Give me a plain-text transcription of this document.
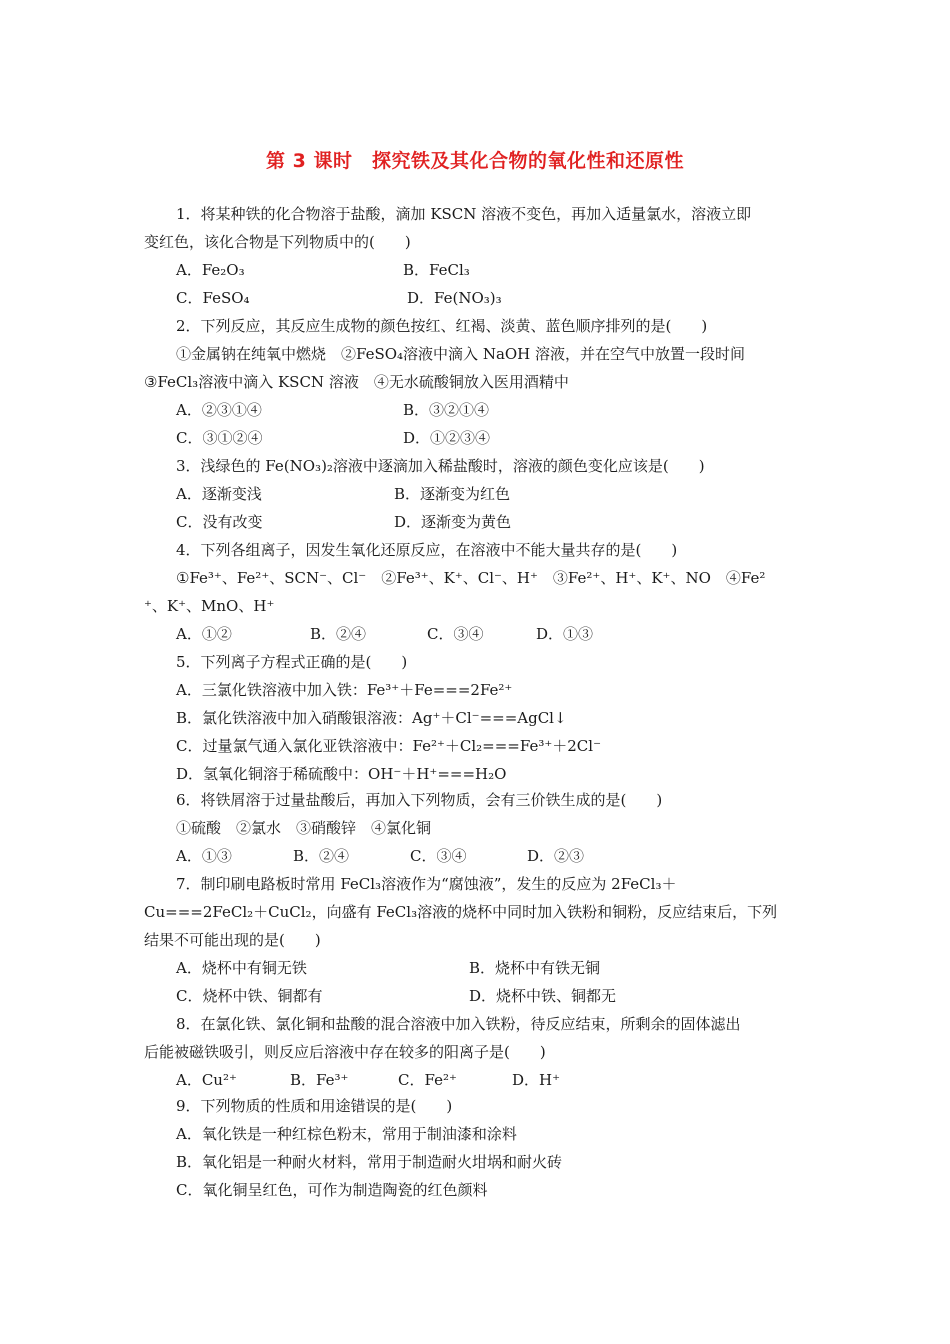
第 3 课时　探究铁及其化合物的氧化性和还原性
1．将某种铁的化合物溶于盐酸，滴加 KSCN 溶液不变色，再加入适量氯水，溶液立即
变红色，该化合物是下列物质中的(　　)
A．Fe₂O₃	B．FeCl₃
C．FeSO₄	D．Fe(NO₃)₃
2．下列反应，其反应生成物的颜色按红、红褐、淡黄、蓝色顺序排列的是(　　)
①金属钠在纯氧中燃烧　②FeSO₄溶液中滴入 NaOH 溶液，并在空气中放置一段时间
③FeCl₃溶液中滴入 KSCN 溶液　④无水硫酸铜放入医用酒精中
A．②③①④	B．③②①④
C．③①②④	D．①②③④
3．浅绿色的 Fe(NO₃)₂溶液中逐滴加入稀盐酸时，溶液的颜色变化应该是(　　)
A．逐渐变浅	B．逐渐变为红色
C．没有改变	D．逐渐变为黄色
4．下列各组离子，因发生氧化还原反应，在溶液中不能大量共存的是(　　)
①Fe³⁺、Fe²⁺、SCN⁻、Cl⁻　②Fe³⁺、K⁺、Cl⁻、H⁺　③Fe²⁺、H⁺、K⁺、NO　④Fe²
⁺、K⁺、MnO、H⁺
A．①②	B．②④	C．③④	D．①③
5．下列离子方程式正确的是(　　)
A．三氯化铁溶液中加入铁：Fe³⁺＋Fe===2Fe²⁺
B．氯化铁溶液中加入硝酸银溶液：Ag⁺＋Cl⁻===AgCl↓
C．过量氯气通入氯化亚铁溶液中：Fe²⁺＋Cl₂===Fe³⁺＋2Cl⁻
D．氢氧化铜溶于稀硫酸中：OH⁻＋H⁺===H₂O
6．将铁屑溶于过量盐酸后，再加入下列物质，会有三价铁生成的是(　　)
①硫酸　②氯水　③硝酸锌　④氯化铜
A．①③	B．②④	C．③④	D．②③
7．制印刷电路板时常用 FeCl₃溶液作为“腐蚀液”，发生的反应为 2FeCl₃＋
Cu===2FeCl₂＋CuCl₂，向盛有 FeCl₃溶液的烧杯中同时加入铁粉和铜粉，反应结束后，下列
结果不可能出现的是(　　)
A．烧杯中有铜无铁	B．烧杯中有铁无铜
C．烧杯中铁、铜都有	D．烧杯中铁、铜都无
8．在氯化铁、氯化铜和盐酸的混合溶液中加入铁粉，待反应结束，所剩余的固体滤出
后能被磁铁吸引，则反应后溶液中存在较多的阳离子是(　　)
A．Cu²⁺	B．Fe³⁺	C．Fe²⁺	D．H⁺
9．下列物质的性质和用途错误的是(　　)
A．氧化铁是一种红棕色粉末，常用于制油漆和涂料
B．氧化铝是一种耐火材料，常用于制造耐火坩埚和耐火砖
C．氧化铜呈红色，可作为制造陶瓷的红色颜料
